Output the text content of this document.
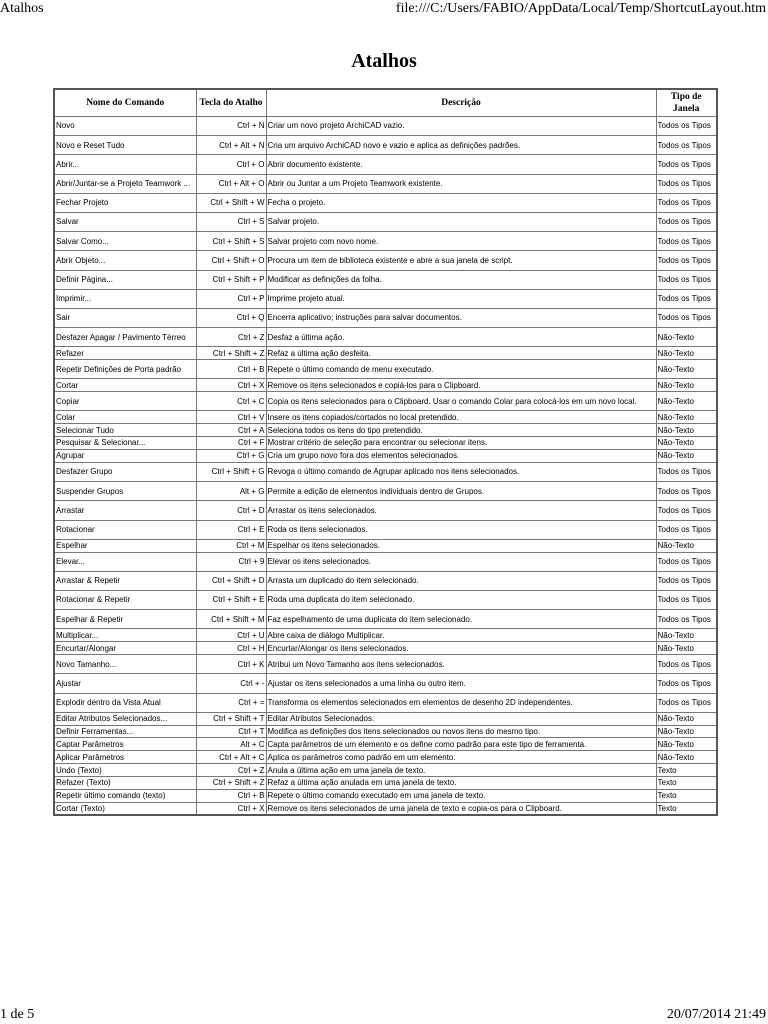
Atalhos	file:///C:/Users/FABIO/AppData/Local/Temp/ShortcutLayout.htm
Atalhos
Nome do Comando	Tecla do Atalho	Descrição	Tipo de Janela
Novo	Ctrl + N	Criar um novo projeto ArchiCAD vazio.	Todos os Tipos
Novo e Reset Tudo	Ctrl + Alt + N	Cria um arquivo ArchiCAD novo e vazio e aplica as definições padrões.	Todos os Tipos
Abrir...	Ctrl + O	Abrir documento existente.	Todos os Tipos
Abrir/Juntar-se a Projeto Teamwork ...	Ctrl + Alt + O	Abrir ou Juntar a um Projeto Teamwork existente.	Todos os Tipos
Fechar Projeto	Ctrl + Shift + W	Fecha o projeto.	Todos os Tipos
Salvar	Ctrl + S	Salvar projeto.	Todos os Tipos
Salvar Como...	Ctrl + Shift + S	Salvar projeto com novo nome.	Todos os Tipos
Abrir Objeto...	Ctrl + Shift + O	Procura um item de biblioteca existente e abre a sua janela de script.	Todos os Tipos
Definir Página...	Ctrl + Shift + P	Modificar as definições da folha.	Todos os Tipos
Imprimir...	Ctrl + P	Imprime projeto atual.	Todos os Tipos
Sair	Ctrl + Q	Encerra aplicativo; instruções para salvar documentos.	Todos os Tipos
Desfazer Apagar / Pavimento Térreo	Ctrl + Z	Desfaz a última ação.	Não-Texto
Refazer	Ctrl + Shift + Z	Refaz a última ação desfeita.	Não-Texto
Repetir Definições de Porta padrão	Ctrl + B	Repete o último comando de menu executado.	Não-Texto
Cortar	Ctrl + X	Remove os itens selecionados e copiá-los para o Clipboard.	Não-Texto
Copiar	Ctrl + C	Copia os itens selecionados para o Clipboard. Usar o comando Colar para colocá-los em um novo local.	Não-Texto
Colar	Ctrl + V	Insere os itens copiados/cortados no local pretendido.	Não-Texto
Selecionar Tudo	Ctrl + A	Seleciona todos os itens do tipo pretendido.	Não-Texto
Pesquisar & Selecionar...	Ctrl + F	Mostrar critério de seleção para encontrar ou selecionar itens.	Não-Texto
Agrupar	Ctrl + G	Cria um grupo novo fora dos elementos selecionados.	Não-Texto
Desfazer Grupo	Ctrl + Shift + G	Revoga o último comando de Agrupar aplicado nos itens selecionados.	Todos os Tipos
Suspender Grupos	Alt + G	Permite a edição de elementos individuais dentro de Grupos.	Todos os Tipos
Arrastar	Ctrl + D	Arrastar os itens selecionados.	Todos os Tipos
Rotacionar	Ctrl + E	Roda os itens selecionados.	Todos os Tipos
Espelhar	Ctrl + M	Espelhar os itens selecionados.	Não-Texto
Elevar...	Ctrl + 9	Elevar os itens selecionados.	Todos os Tipos
Arrastar & Repetir	Ctrl + Shift + D	Arrasta um duplicado do item selecionado.	Todos os Tipos
Rotacionar & Repetir	Ctrl + Shift + E	Roda uma duplicata do item selecionado.	Todos os Tipos
Espelhar & Repetir	Ctrl + Shift + M	Faz espelhamento de uma duplicata do item selecionado.	Todos os Tipos
Multiplicar...	Ctrl + U	Abre caixa de diálogo Multiplicar.	Não-Texto
Encurtar/Alongar	Ctrl + H	Encurtar/Alongar os itens selecionados.	Não-Texto
Novo Tamanho...	Ctrl + K	Atribui um Novo Tamanho aos itens selecionados.	Todos os Tipos
Ajustar	Ctrl + -	Ajustar os itens selecionados a uma linha ou outro item.	Todos os Tipos
Explodir dentro da Vista Atual	Ctrl + =	Transforma os elementos selecionados em elementos de desenho 2D independentes.	Todos os Tipos
Editar Atributos Selecionados...	Ctrl + Shift + T	Editar Atributos Selecionados.	Não-Texto
Definir Ferramentas...	Ctrl + T	Modifica as definições dos itens selecionados ou novos itens do mesmo tipo.	Não-Texto
Captar Parâmetros	Alt + C	Capta parâmetros de um elemento e os define como padrão para este tipo de ferramenta.	Não-Texto
Aplicar Parâmetros	Ctrl + Alt + C	Aplica os parâmetros como padrão em um elemento.	Não-Texto
Undo (Texto)	Ctrl + Z	Anula a última ação em uma janela de texto.	Texto
Refazer (Texto)	Ctrl + Shift + Z	Refaz a última ação anulada em uma janela de texto.	Texto
Repetir último comando (texto)	Ctrl + B	Repete o último comando executado em uma janela de texto.	Texto
Cortar (Texto)	Ctrl + X	Remove os itens selecionados de uma janela de texto e copia-os para o Clipboard.	Texto
1 de 5	20/07/2014 21:49
